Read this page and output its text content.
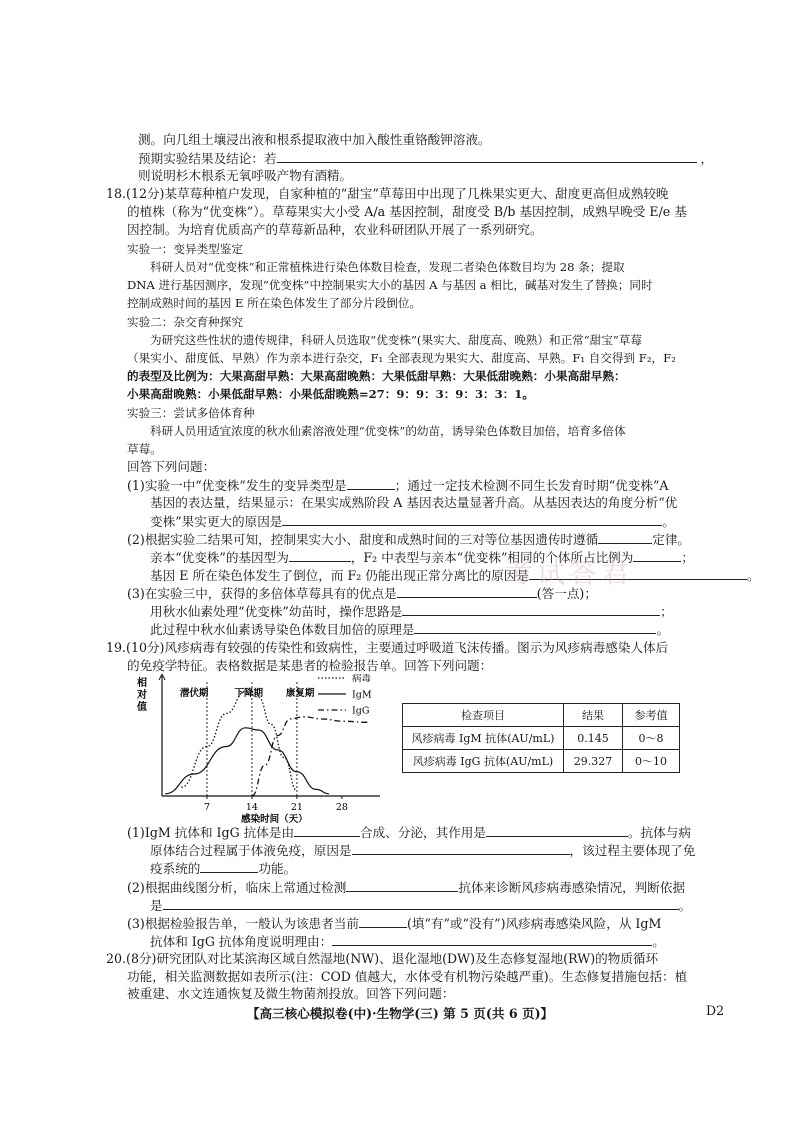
测。向几组土壤浸出液和根系提取液中加入酸性重铬酸钾溶液。
预期实验结果及结论：若	，
则说明杉木根系无氧呼吸产物有酒精。
18.(12分)某草莓种植户发现，自家种植的“甜宝”草莓田中出现了几株果实更大、甜度更高但成熟较晚
的植株（称为“优变株”）。草莓果实大小受 A/a 基因控制，甜度受 B/b 基因控制，成熟早晚受 E/e 基
因控制。为培育优质高产的草莓新品种，农业科研团队开展了一系列研究。
实验一：变异类型鉴定
科研人员对“优变株”和正常植株进行染色体数目检查，发现二者染色体数目均为 28 条；提取
DNA 进行基因测序，发现“优变株”中控制果实大小的基因 A 与基因 a 相比，碱基对发生了替换；同时
控制成熟时间的基因 E 所在染色体发生了部分片段倒位。
实验二：杂交育种探究
为研究这些性状的遗传规律，科研人员选取“优变株”(果实大、甜度高、晚熟）和正常“甜宝”草莓
（果实小、甜度低、早熟）作为亲本进行杂交，F₁ 全部表现为果实大、甜度高、早熟。F₁ 自交得到 F₂，F₂
的表型及比例为：大果高甜早熟：大果高甜晚熟：大果低甜早熟：大果低甜晚熟：小果高甜早熟：
小果高甜晚熟：小果低甜早熟：小果低甜晚熟=27：9：9：3：9：3：3：1。
实验三：尝试多倍体育种
科研人员用适宜浓度的秋水仙素溶液处理“优变株”的幼苗，诱导染色体数目加倍，培育多倍体
草莓。
回答下列问题：
(1)实验一中“优变株”发生的变异类型是	；通过一定技术检测不同生长发育时期“优变株”A
基因的表达量，结果显示：在果实成熟阶段 A 基因表达量显著升高。从基因表达的角度分析“优
变株”果实更大的原因是	。
(2)根据实验二结果可知，控制果实大小、甜度和成熟时间的三对等位基因遗传时遵循	定律。
亲本“优变株”的基因型为	，F₂ 中表型与亲本“优变株”相同的个体所占比例为	；
基因 E 所在染色体发生了倒位，而 F₂ 仍能出现正常分离比的原因是	。
考试答君
(3)在实验三中，获得的多倍体草莓具有的优点是	(答一点)；
用秋水仙素处理“优变株”幼苗时，操作思路是	；
此过程中秋水仙素诱导染色体数目加倍的原理是	。
19.(10分)风疹病毒有较强的传染性和致病性，主要通过呼吸道飞沫传播。图示为风疹病毒感染人体后
的免疫学特征。表格数据是某患者的检验报告单。回答下列问题：
相
对
值
7	14	21	28
感染时间（天）
潜伏期	下降期 康复期
病毒
IgM
IgG	检查项目	结果	参考值
风疹病毒 IgM 抗体(AU/mL)	0.145	0～8
风疹病毒 IgG 抗体(AU/mL)	29.327	0～10
(1)IgM 抗体和 IgG 抗体是由	合成、分泌，其作用是	。抗体与病
原体结合过程属于体液免疫，原因是	，该过程主要体现了免
疫系统的	功能。
(2)根据曲线图分析，临床上常通过检测	抗体来诊断风疹病毒感染情况，判断依据
是	。
(3)根据检验报告单，一般认为该患者当前	(填“有”或“没有”)风疹病毒感染风险，从 IgM
抗体和 IgG 抗体角度说明理由：	。
20.(8分)研究团队对比某滨海区域自然湿地(NW)、退化湿地(DW)及生态修复湿地(RW)的物质循环
功能，相关监测数据如表所示(注：COD 值越大，水体受有机物污染越严重)。生态修复措施包括：植
被重建、水文连通恢复及微生物菌剂投放。回答下列问题：
【高三核心模拟卷(中)·生物学(三) 第 5 页(共 6 页)】	D2
